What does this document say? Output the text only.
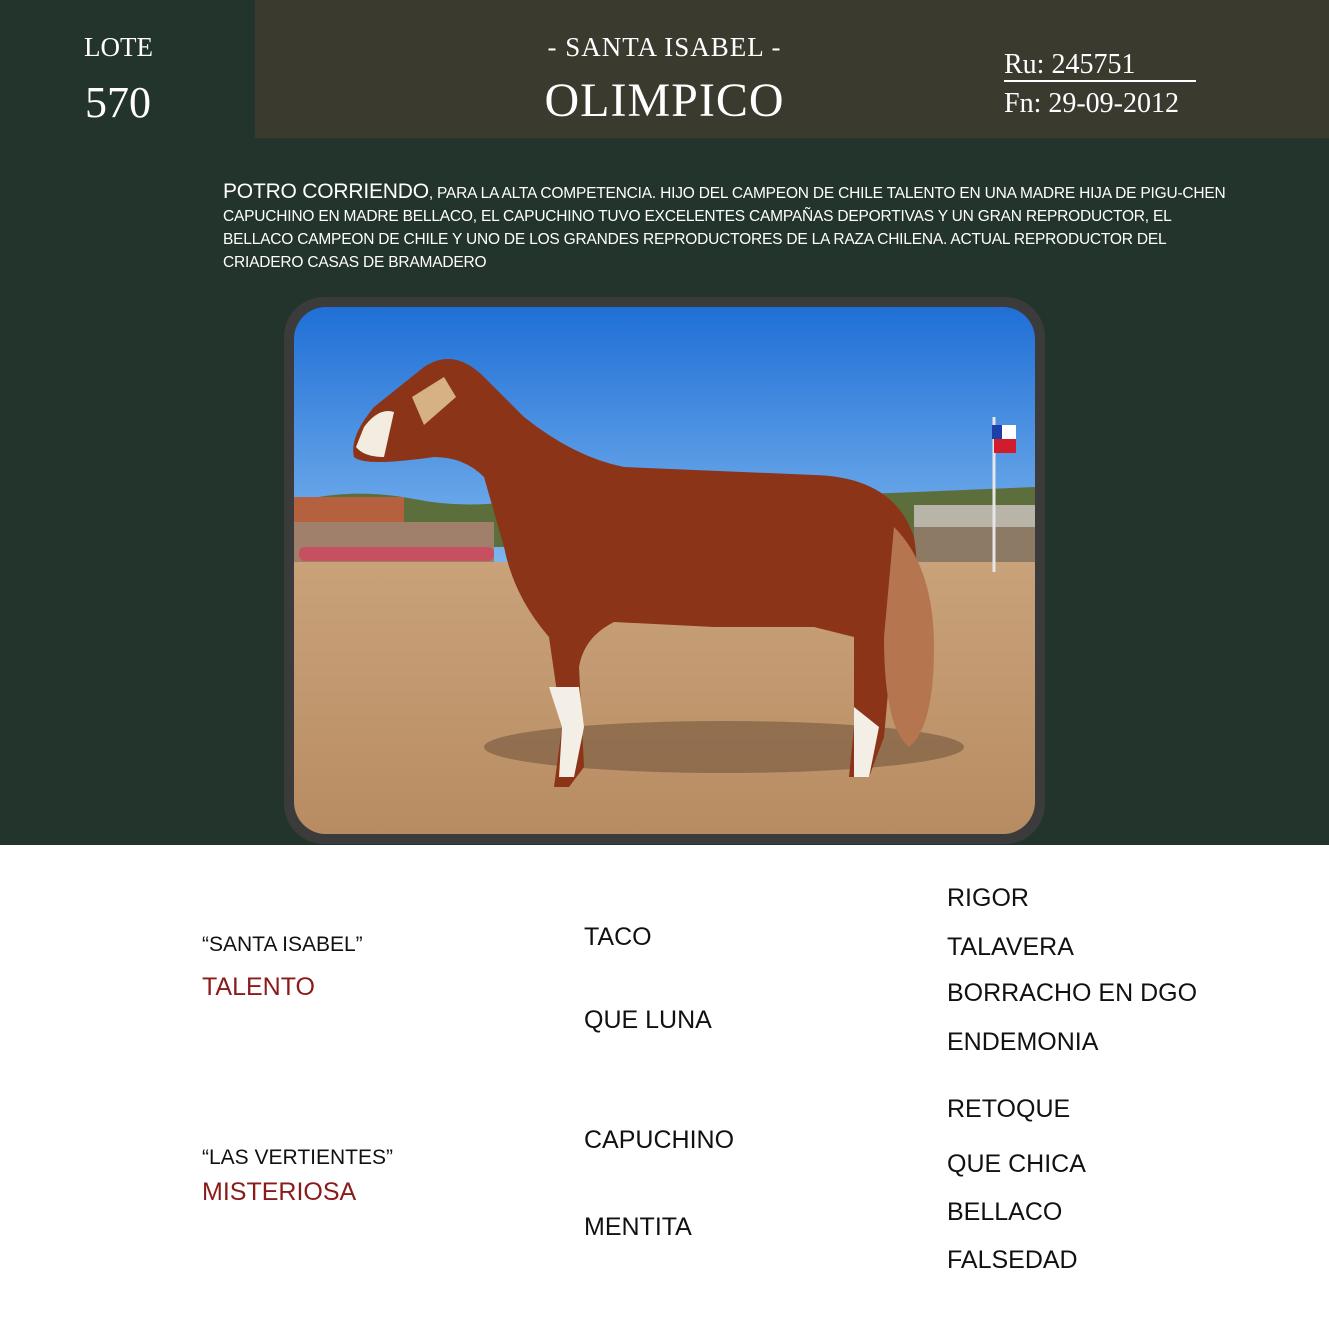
LOTE
570
- SANTA ISABEL -
OLIMPICO
Ru: 245751
Fn: 29-09-2012
POTRO CORRIENDO, PARA LA ALTA COMPETENCIA. HIJO DEL CAMPEON DE CHILE TALENTO EN UNA MADRE HIJA DE PIGU-CHEN CAPUCHINO EN MADRE BELLACO, EL CAPUCHINO TUVO EXCELENTES CAMPAÑAS DEPORTIVAS Y UN GRAN REPRODUCTOR, EL BELLACO CAMPEON DE CHILE Y UNO DE LOS GRANDES REPRODUCTORES DE LA RAZA CHILENA. ACTUAL REPRODUCTOR DEL CRIADERO CASAS DE BRAMADERO
“SANTA ISABEL”
TALENTO
“LAS VERTIENTES”
MISTERIOSA
TACO
QUE LUNA
CAPUCHINO
MENTITA
RIGOR
TALAVERA
BORRACHO EN DGO
ENDEMONIA
RETOQUE
QUE CHICA
BELLACO
FALSEDAD
